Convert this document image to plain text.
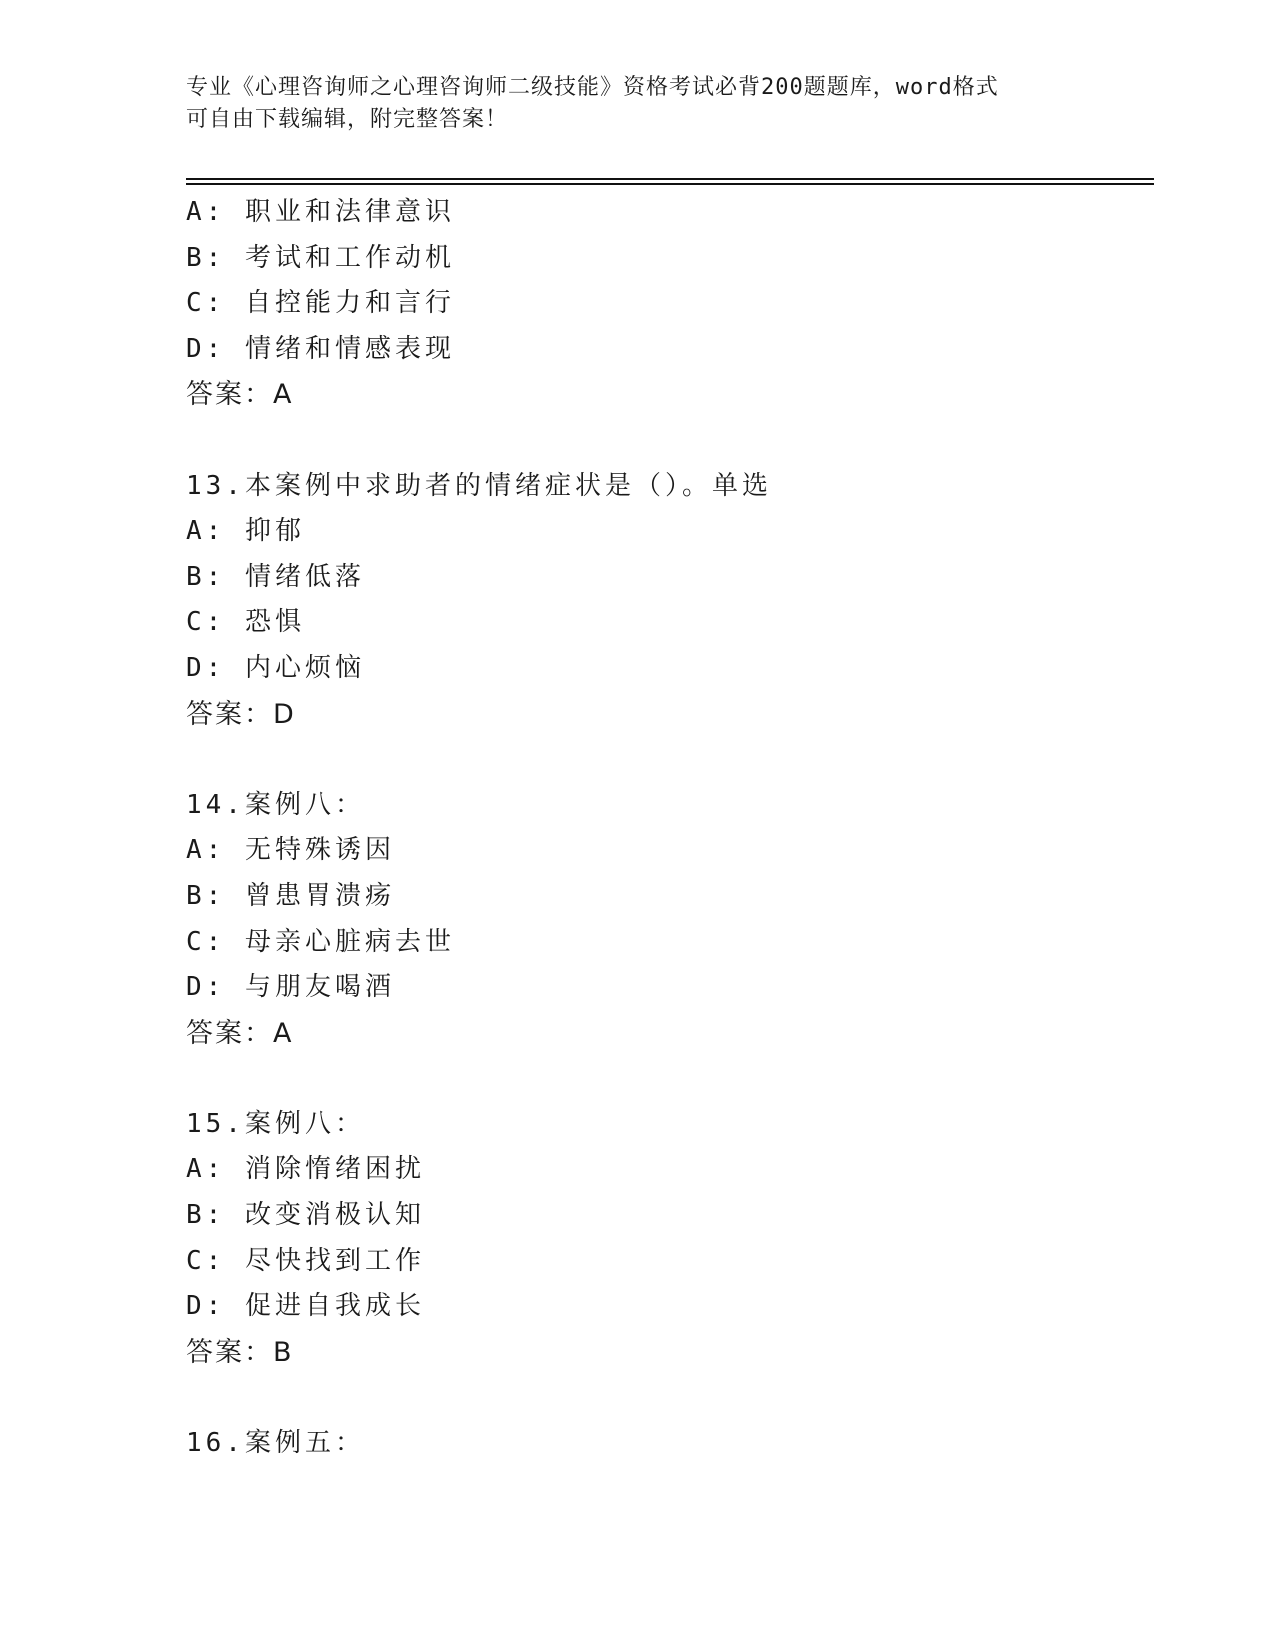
专业《心理咨询师之心理咨询师二级技能》资格考试必背200题题库，word格式
可自由下载编辑，附完整答案！
A: 职业和法律意识
B: 考试和工作动机
C: 自控能力和言行
D: 情绪和情感表现
答案：A
13.本案例中求助者的情绪症状是（）。单选
A: 抑郁
B: 情绪低落
C: 恐惧
D: 内心烦恼
答案：D
14.案例八：
A: 无特殊诱因
B: 曾患胃溃疡
C: 母亲心脏病去世
D: 与朋友喝酒
答案：A
15.案例八：
A: 消除惰绪困扰
B: 改变消极认知
C: 尽快找到工作
D: 促进自我成长
答案：B
16.案例五：
